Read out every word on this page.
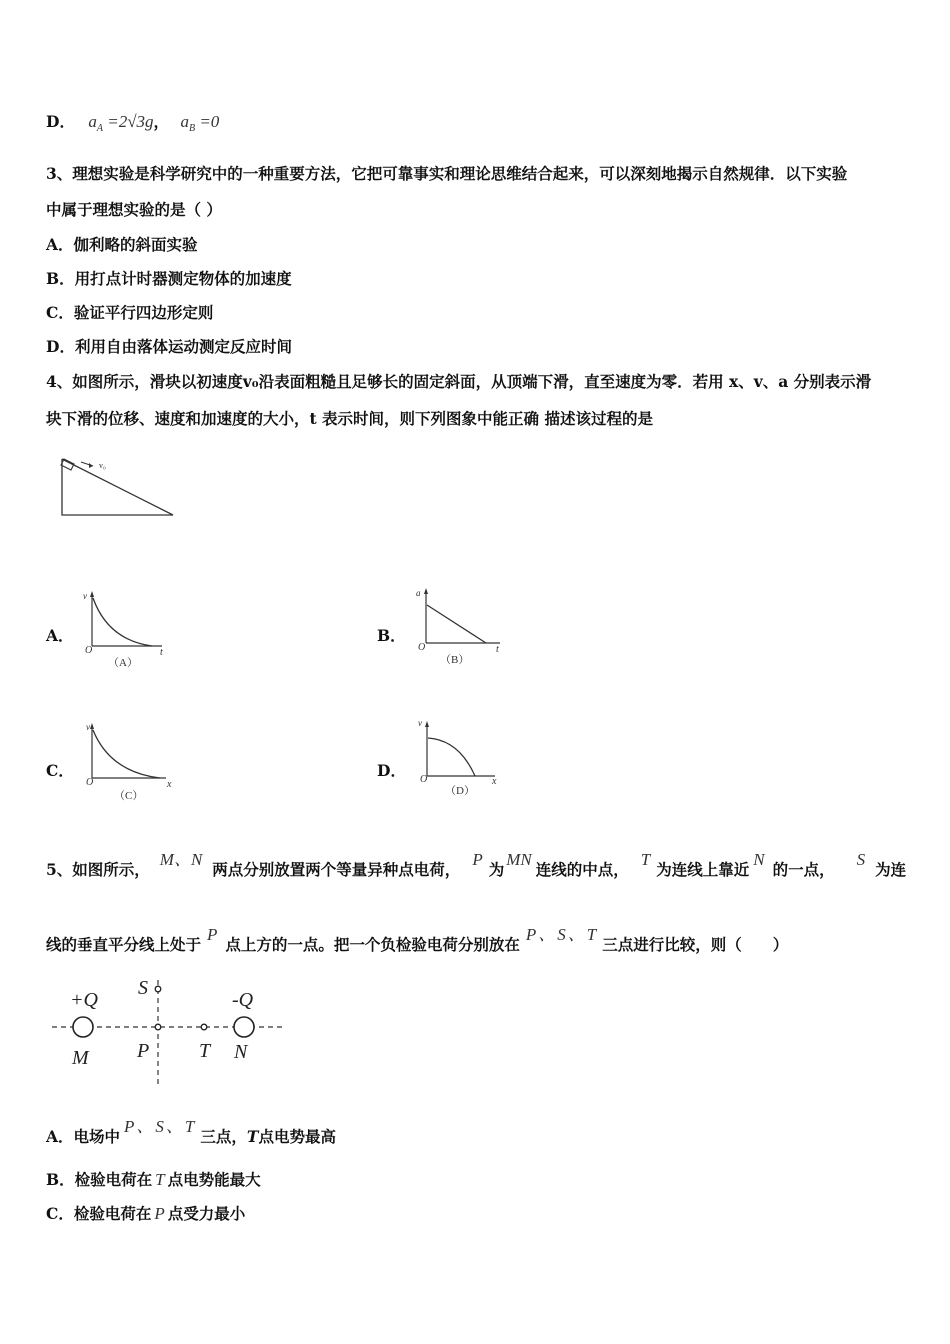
D． $a_A =2√3g$， $a_B =0$
3、理想实验是科学研究中的一种重要方法，它把可靠事实和理论思维结合起来，可以深刻地揭示自然规律．以下实验
中属于理想实验的是（ ）
A．伽利略的斜面实验
B．用打点计时器测定物体的加速度
C．验证平行四边形定则
D．利用自由落体运动测定反应时间
4、如图所示，滑块以初速度v₀沿表面粗糙且足够长的固定斜面，从顶端下滑，直至速度为零．若用 x、v、a 分别表示滑
块下滑的位移、速度和加速度的大小，t 表示时间，则下列图象中能正确 描述该过程的是
v₀
A．
v
O	t
（A）
B．
a
O	t
（B）
C．
v
O	x
（C）
D．
v
O	x
（D）
5、如图所示，M、N两点分别放置两个等量异种点电荷，P为MN连线的中点，T为连线上靠近N的一点，S为连
线的垂直平分线上处于P点上方的一点。把一个负检验电荷分别放在P、S、T三点进行比较，则（　　）
+Q	-Q
S
M P T N
A．电场中P、S、T三点，T点电势最高
B．检验电荷在 T 点电势能最大
C．检验电荷在 P 点受力最小
